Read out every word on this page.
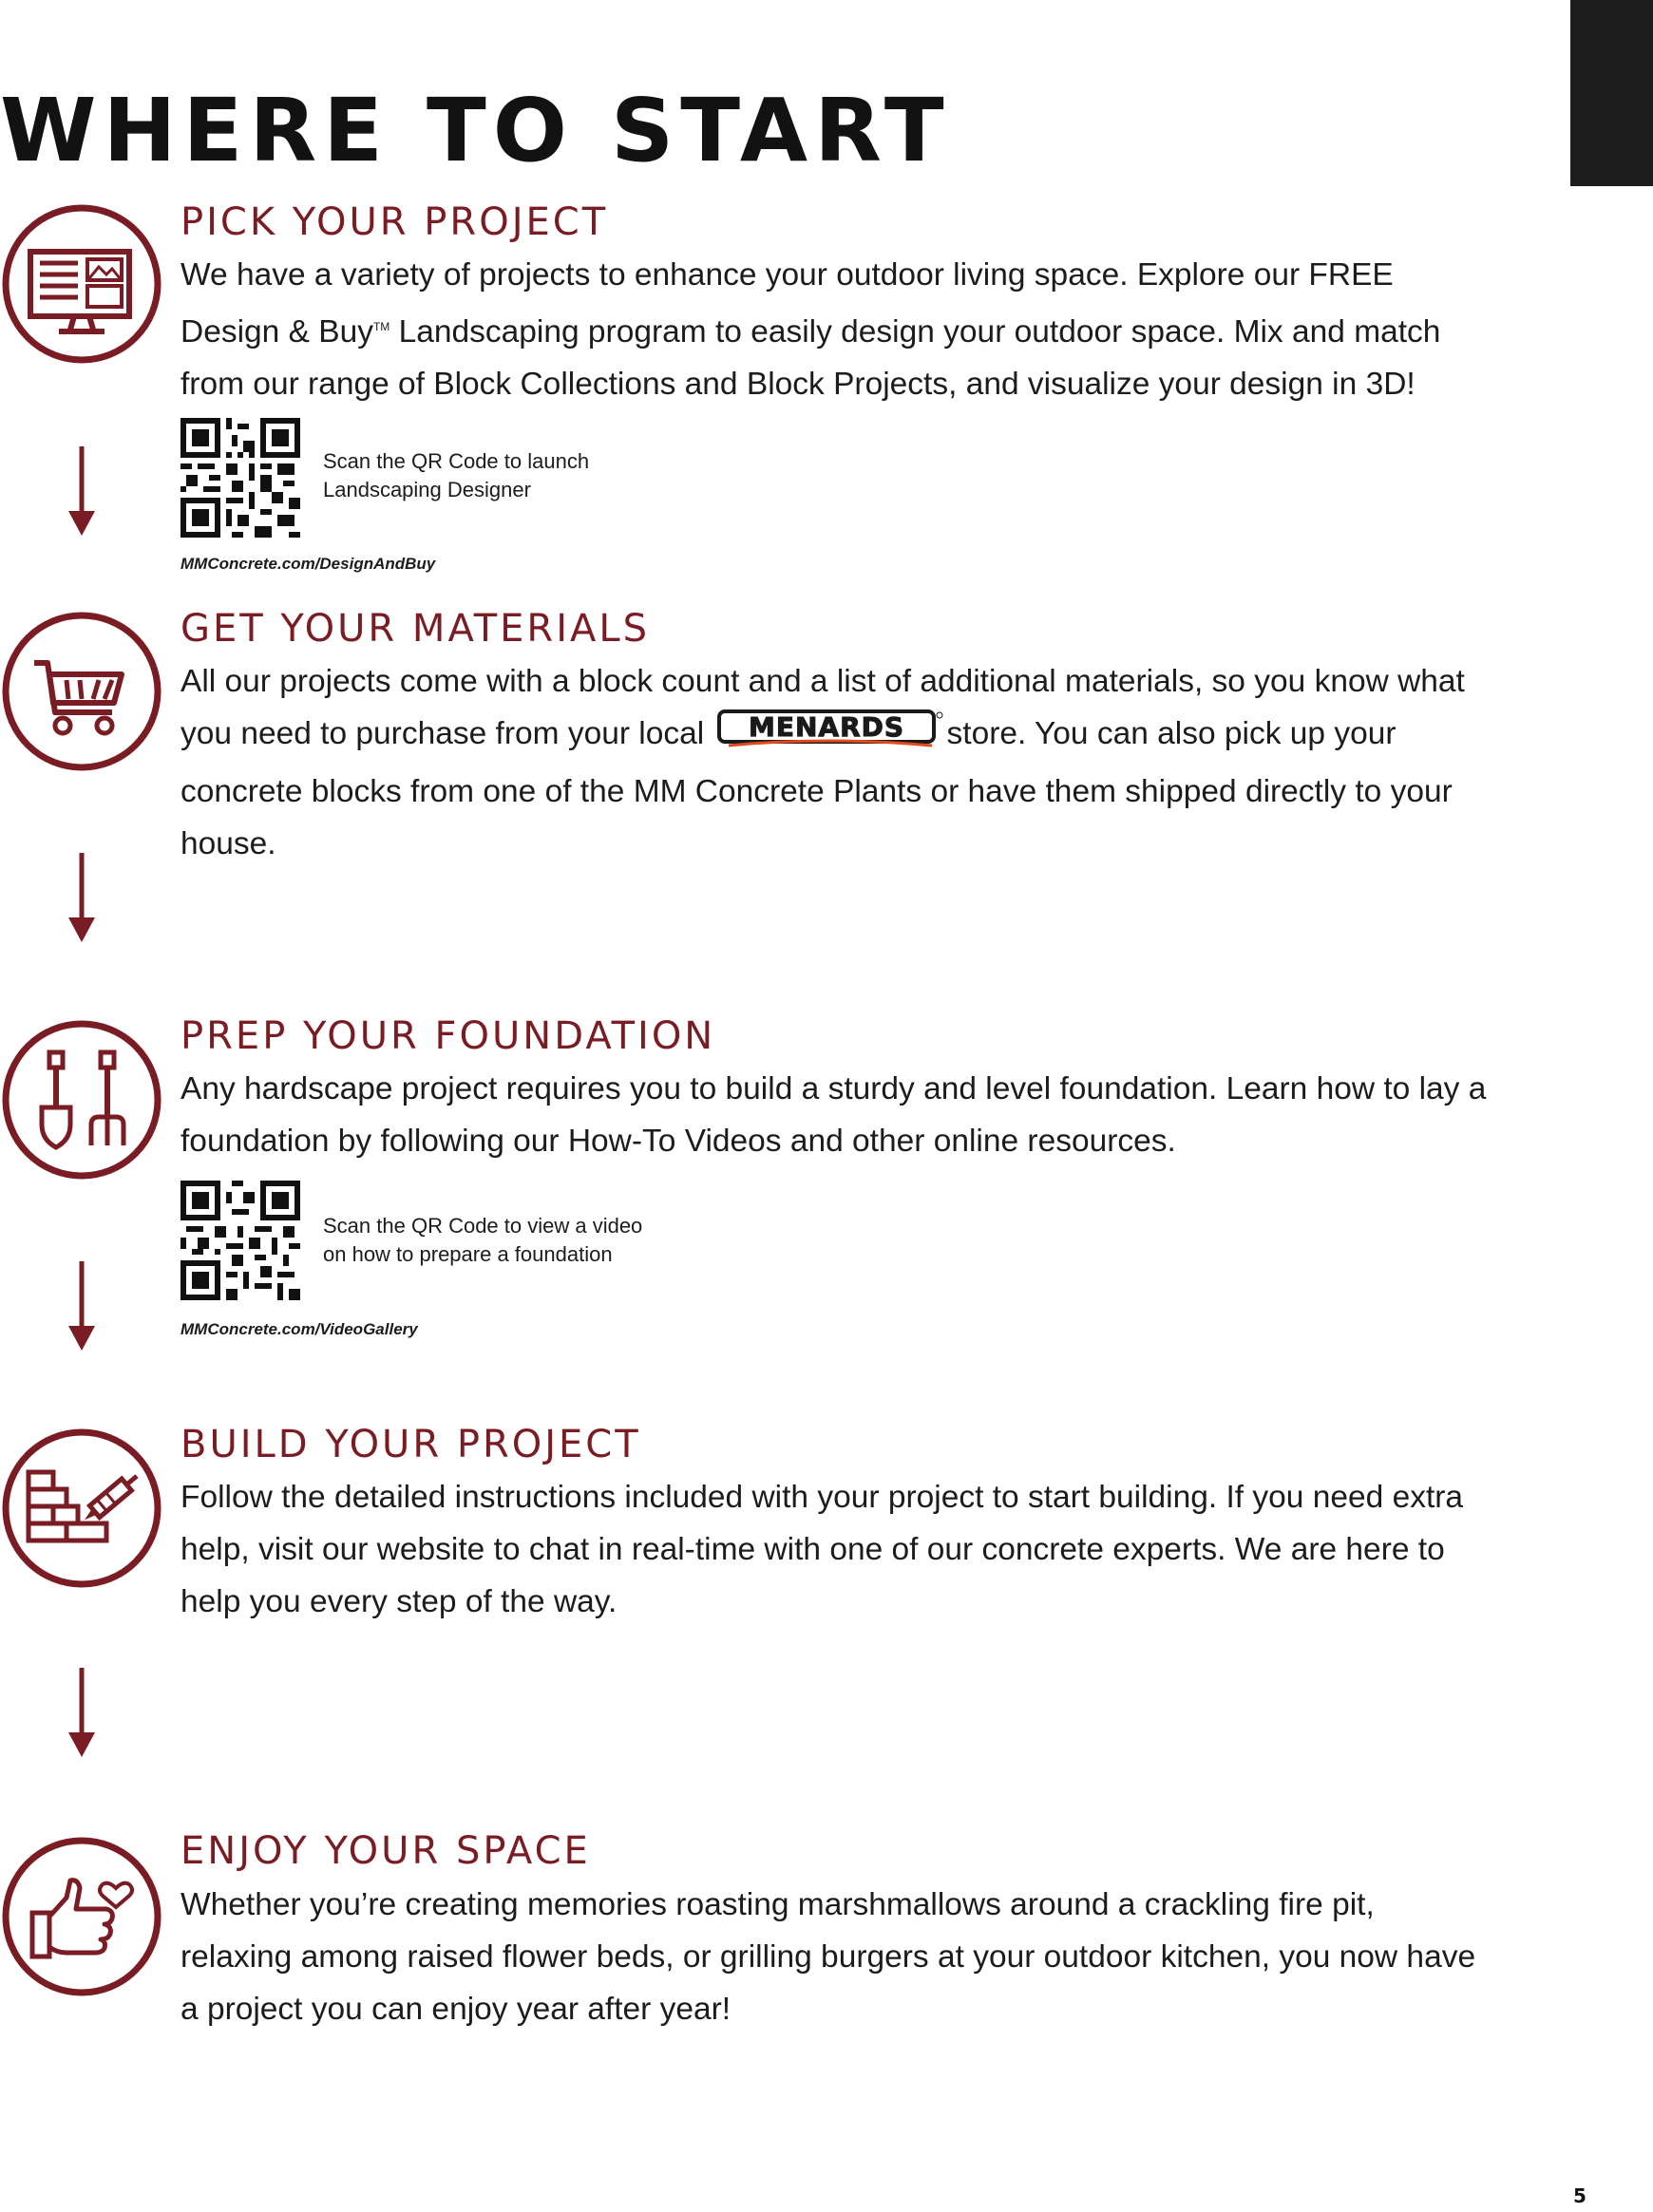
WHERE TO START
PICK YOUR PROJECT

We have a variety of projects to enhance your outdoor living space. Explore our FREE Design & Buy™ Landscaping program to easily design your outdoor space. Mix and match from our range of Block Collections and Block Projects, and visualize your design in 3D!

Scan the QR Code to launch
Landscaping Designer

MMConcrete.com/DesignAndBuy

GET YOUR MATERIALS

All our projects come with a block count and a list of additional materials, so you know what you need to purchase from your local MENARDS store. You can also pick up your concrete blocks from one of the MM Concrete Plants or have them shipped directly to your house.

PREP YOUR FOUNDATION

Any hardscape project requires you to build a sturdy and level foundation. Learn how to lay a foundation by following our How-To Videos and other online resources.

Scan the QR Code to view a video
on how to prepare a foundation

MMConcrete.com/VideoGallery

BUILD YOUR PROJECT

Follow the detailed instructions included with your project to start building. If you need extra help, visit our website to chat in real-time with one of our concrete experts. We are here to help you every step of the way.

ENJOY YOUR SPACE

Whether you’re creating memories roasting marshmallows around a crackling fire pit, relaxing among raised flower beds, or grilling burgers at your outdoor kitchen, you now have a project you can enjoy year after year!

5
